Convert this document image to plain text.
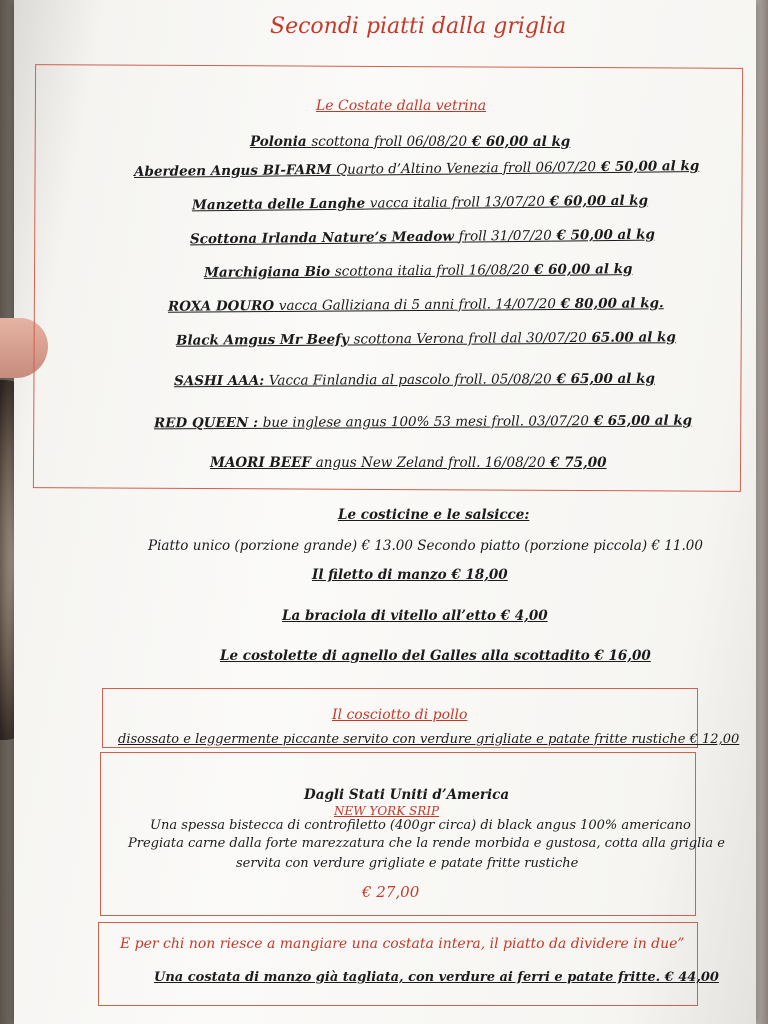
Secondi piatti dalla griglia
Le Costate dalla vetrina
Polonia scottona froll 06/08/20 € 60,00 al kg
Aberdeen Angus BI-FARM Quarto d’Altino Venezia froll 06/07/20 € 50,00 al kg
Manzetta delle Langhe vacca italia froll 13/07/20 € 60,00 al kg
Scottona Irlanda Nature’s Meadow froll 31/07/20 € 50,00 al kg
Marchigiana Bio scottona italia froll 16/08/20 € 60,00 al kg
ROXA DOURO vacca Galliziana di 5 anni froll. 14/07/20 € 80,00 al kg.
Black Amgus Mr Beefy scottona Verona froll dal 30/07/20 65.00 al kg
SASHI AAA: Vacca Finlandia al pascolo froll. 05/08/20 € 65,00 al kg
RED QUEEN : bue inglese angus 100% 53 mesi froll. 03/07/20 € 65,00 al kg
MAORI BEEF angus New Zeland froll. 16/08/20 € 75,00
Le costicine e le salsicce:
Piatto unico (porzione grande) € 13.00 Secondo piatto (porzione piccola) € 11.00
Il filetto di manzo € 18,00
La braciola di vitello all’etto € 4,00
Le costolette di agnello del Galles alla scottadito € 16,00
Il cosciotto di pollo
disossato e leggermente piccante servito con verdure grigliate e patate fritte rustiche € 12,00
Dagli Stati Uniti d’America
NEW YORK SRIP
Una spessa bistecca di controfiletto (400gr circa) di black angus 100% americano
Pregiata carne dalla forte marezzatura che la rende morbida e gustosa, cotta alla griglia e
servita con verdure grigliate e patate fritte rustiche
€ 27,00
E per chi non riesce a mangiare una costata intera, il piatto da dividere in due”
Una costata di manzo già tagliata, con verdure ai ferri e patate fritte. € 44,00
